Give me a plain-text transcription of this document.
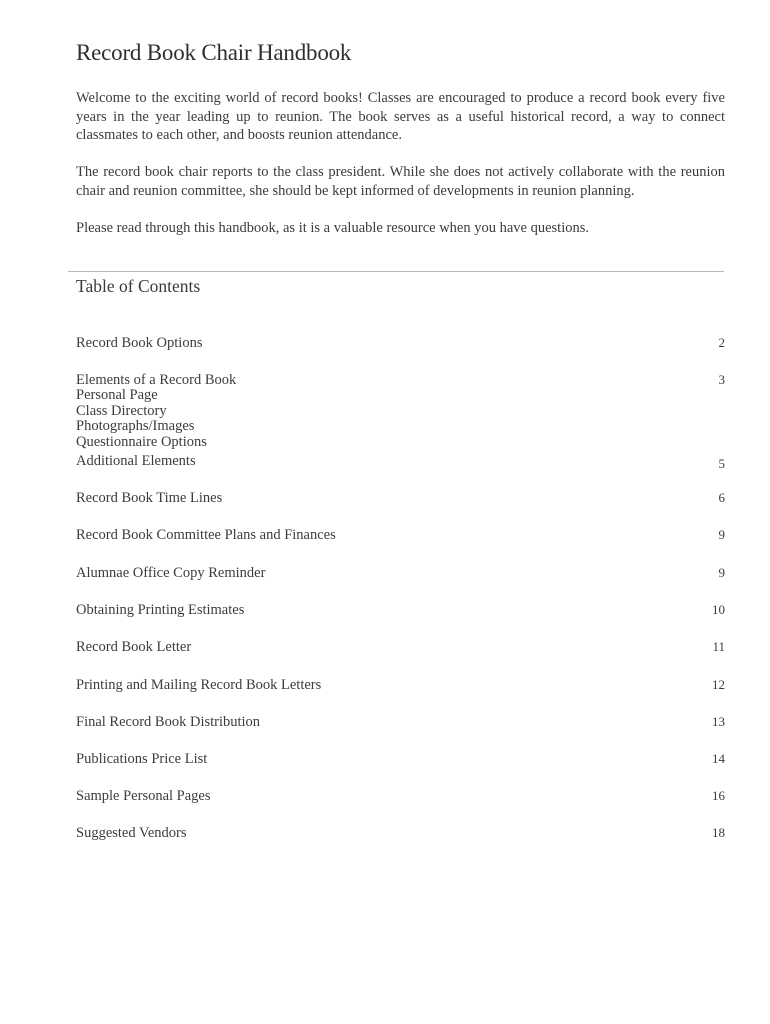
Record Book Chair Handbook
Welcome to the exciting world of record books! Classes are encouraged to produce a record book every five years in the year leading up to reunion. The book serves as a useful historical record, a way to connect classmates to each other, and boosts reunion attendance.
The record book chair reports to the class president. While she does not actively collaborate with the reunion chair and reunion committee, she should be kept informed of developments in reunion planning.
Please read through this handbook, as it is a valuable resource when you have questions.
Table of Contents
Record Book Options	2
Elements of a Record Book	3
Personal Page
Class Directory
Photographs/Images
Questionnaire Options
Additional Elements	5
Record Book Time Lines	6
Record Book Committee Plans and Finances	9
Alumnae Office Copy Reminder	9
Obtaining Printing Estimates	10
Record Book Letter	11
Printing and Mailing Record Book Letters	12
Final Record Book Distribution	13
Publications Price List	14
Sample Personal Pages	16
Suggested Vendors	18
